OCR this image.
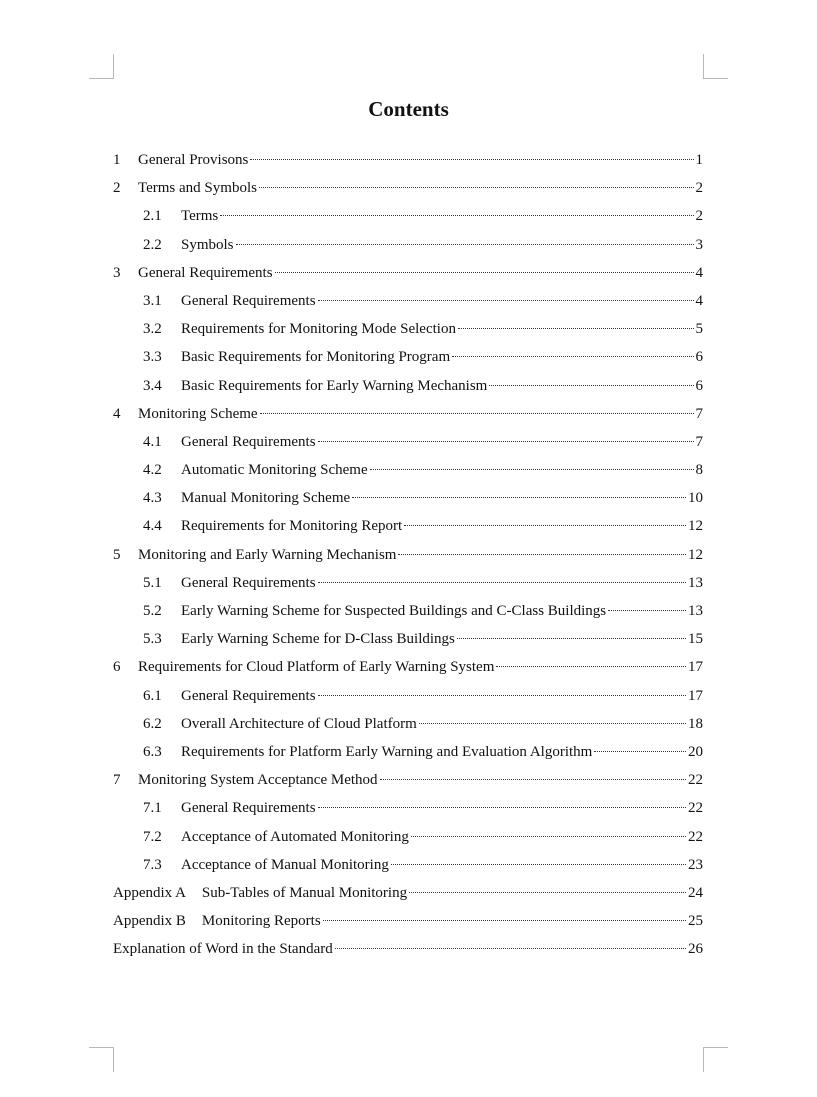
Contents
1	General Provisons	1
2	Terms and Symbols	2
2.1	Terms	2
2.2	Symbols	3
3	General Requirements	4
3.1	General Requirements	4
3.2	Requirements for Monitoring Mode Selection	5
3.3	Basic Requirements for Monitoring Program	6
3.4	Basic Requirements for Early Warning Mechanism	6
4	Monitoring Scheme	7
4.1	General Requirements	7
4.2	Automatic Monitoring Scheme	8
4.3	Manual Monitoring Scheme	10
4.4	Requirements for Monitoring Report	12
5	Monitoring and Early Warning Mechanism	12
5.1	General Requirements	13
5.2	Early Warning Scheme for Suspected Buildings and C-Class Buildings	13
5.3	Early Warning Scheme for D-Class Buildings	15
6	Requirements for Cloud Platform of Early Warning System	17
6.1	General Requirements	17
6.2	Overall Architecture of Cloud Platform	18
6.3	Requirements for Platform Early Warning and Evaluation Algorithm	20
7	Monitoring System Acceptance Method	22
7.1	General Requirements	22
7.2	Acceptance of Automated Monitoring	22
7.3	Acceptance of Manual Monitoring	23
Appendix A Sub-Tables of Manual Monitoring	24
Appendix B Monitoring Reports	25
Explanation of Word in the Standard	26
